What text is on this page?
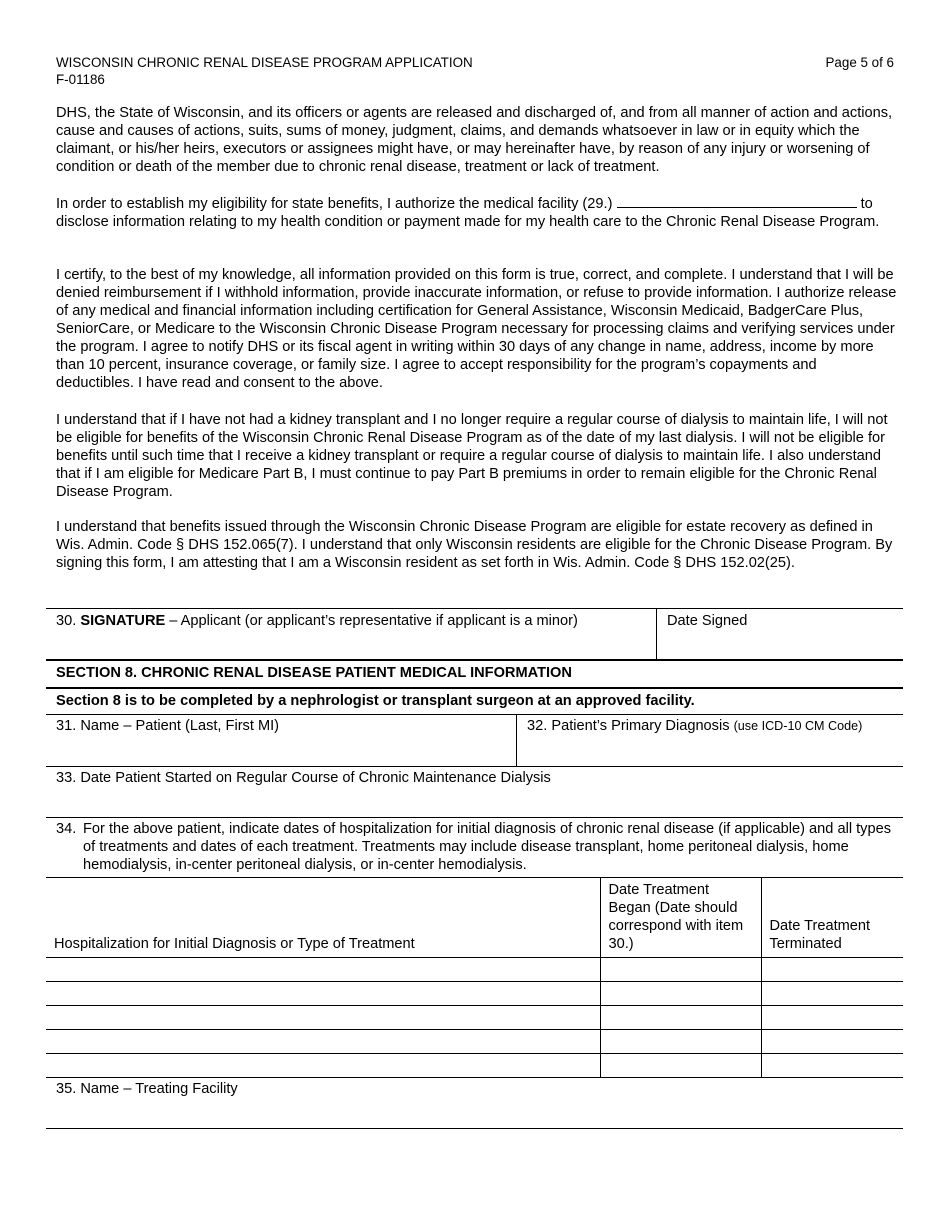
WISCONSIN CHRONIC RENAL DISEASE PROGRAM APPLICATION
F-01186
Page 5 of 6

DHS, the State of Wisconsin, and its officers or agents are released and discharged of, and from all manner of action and actions, cause and causes of actions, suits, sums of money, judgment, claims, and demands whatsoever in law or in equity which the claimant, or his/her heirs, executors or assignees might have, or may hereinafter have, by reason of any injury or worsening of condition or death of the member due to chronic renal disease, treatment or lack of treatment.

In order to establish my eligibility for state benefits, I authorize the medical facility (29.)	to disclose information relating to my health condition or payment made for my health care to the Chronic Renal Disease Program.

I certify, to the best of my knowledge, all information provided on this form is true, correct, and complete. I understand that I will be denied reimbursement if I withhold information, provide inaccurate information, or refuse to provide information. I authorize release of any medical and financial information including certification for General Assistance, Wisconsin Medicaid, BadgerCare Plus, SeniorCare, or Medicare to the Wisconsin Chronic Disease Program necessary for processing claims and verifying services under the program. I agree to notify DHS or its fiscal agent in writing within 30 days of any change in name, address, income by more than 10 percent, insurance coverage, or family size. I agree to accept responsibility for the program’s copayments and deductibles. I have read and consent to the above.

I understand that if I have not had a kidney transplant and I no longer require a regular course of dialysis to maintain life, I will not be eligible for benefits of the Wisconsin Chronic Renal Disease Program as of the date of my last dialysis. I will not be eligible for benefits until such time that I receive a kidney transplant or require a regular course of dialysis to maintain life. I also understand that if I am eligible for Medicare Part B, I must continue to pay Part B premiums in order to remain eligible for the Chronic Renal Disease Program.

I understand that benefits issued through the Wisconsin Chronic Disease Program are eligible for estate recovery as defined in Wis. Admin. Code § DHS 152.065(7). I understand that only Wisconsin residents are eligible for the Chronic Disease Program. By signing this form, I am attesting that I am a Wisconsin resident as set forth in Wis. Admin. Code § DHS 152.02(25).

30. SIGNATURE – Applicant (or applicant’s representative if applicant is a minor)	Date Signed
SECTION 8. CHRONIC RENAL DISEASE PATIENT MEDICAL INFORMATION
Section 8 is to be completed by a nephrologist or transplant surgeon at an approved facility.
31. Name – Patient (Last, First MI)	32. Patient’s Primary Diagnosis (use ICD-10 CM Code)
33. Date Patient Started on Regular Course of Chronic Maintenance Dialysis
34. For the above patient, indicate dates of hospitalization for initial diagnosis of chronic renal disease (if applicable) and all types of treatments and dates of each treatment. Treatments may include disease transplant, home peritoneal dialysis, home hemodialysis, in-center peritoneal dialysis, or in-center hemodialysis.
Hospitalization for Initial Diagnosis or Type of Treatment	Date Treatment Began (Date should correspond with item 30.)	Date Treatment Terminated

35. Name – Treating Facility
